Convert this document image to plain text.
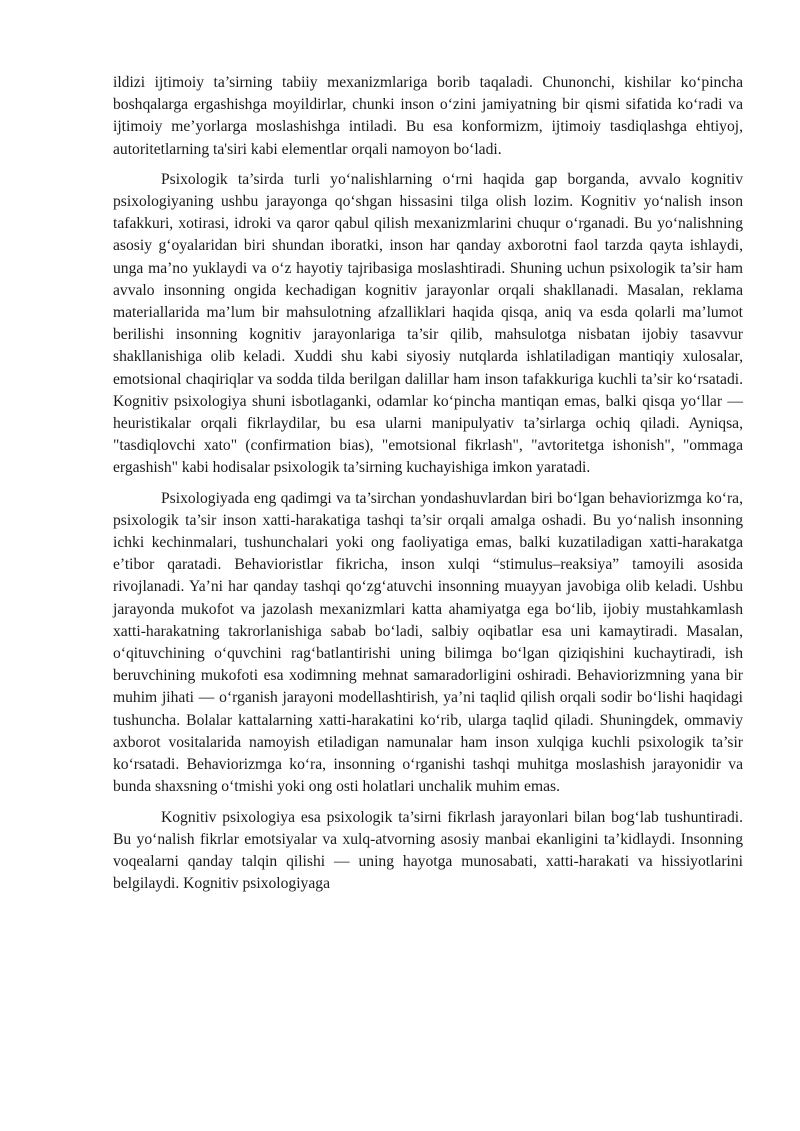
ildizi ijtimoiy ta’sirning tabiiy mexanizmlariga borib taqaladi. Chunonchi, kishilar ko‘pincha boshqalarga ergashishga moyildirlar, chunki inson o‘zini jamiyatning bir qismi sifatida ko‘radi va ijtimoiy me’yorlarga moslashishga intiladi. Bu esa konformizm, ijtimoiy tasdiqlashga ehtiyoj, autoritetlarning ta'siri kabi elementlar orqali namoyon bo‘ladi.

Psixologik ta’sirda turli yo‘nalishlarning o‘rni haqida gap borganda, avvalo kognitiv psixologiyaning ushbu jarayonga qo‘shgan hissasini tilga olish lozim. Kognitiv yo‘nalish inson tafakkuri, xotirasi, idroki va qaror qabul qilish mexanizmlarini chuqur o‘rganadi. Bu yo‘nalishning asosiy g‘oyalaridan biri shundan iboratki, inson har qanday axborotni faol tarzda qayta ishlaydi, unga ma’no yuklaydi va o‘z hayotiy tajribasiga moslashtiradi. Shuning uchun psixologik ta’sir ham avvalo insonning ongida kechadigan kognitiv jarayonlar orqali shakllanadi. Masalan, reklama materiallarida ma’lum bir mahsulotning afzalliklari haqida qisqa, aniq va esda qolarli ma’lumot berilishi insonning kognitiv jarayonlariga ta’sir qilib, mahsulotga nisbatan ijobiy tasavvur shakllanishiga olib keladi. Xuddi shu kabi siyosiy nutqlarda ishlatiladigan mantiqiy xulosalar, emotsional chaqiriqlar va sodda tilda berilgan dalillar ham inson tafakkuriga kuchli ta’sir ko‘rsatadi. Kognitiv psixologiya shuni isbotlaganki, odamlar ko‘pincha mantiqan emas, balki qisqa yo‘llar — heuristikalar orqali fikrlaydilar, bu esa ularni manipulyativ ta’sirlarga ochiq qiladi. Ayniqsa, "tasdiqlovchi xato" (confirmation bias), "emotsional fikrlash", "avtoritetga ishonish", "ommaga ergashish" kabi hodisalar psixologik ta’sirning kuchayishiga imkon yaratadi.

Psixologiyada eng qadimgi va ta’sirchan yondashuvlardan biri bo‘lgan behaviorizmga ko‘ra, psixologik ta’sir inson xatti-harakatiga tashqi ta’sir orqali amalga oshadi. Bu yo‘nalish insonning ichki kechinmalari, tushunchalari yoki ong faoliyatiga emas, balki kuzatiladigan xatti-harakatga e’tibor qaratadi. Behavioristlar fikricha, inson xulqi “stimulus–reaksiya” tamoyili asosida rivojlanadi. Ya’ni har qanday tashqi qo‘zg‘atuvchi insonning muayyan javobiga olib keladi. Ushbu jarayonda mukofot va jazolash mexanizmlari katta ahamiyatga ega bo‘lib, ijobiy mustahkamlash xatti-harakatning takrorlanishiga sabab bo‘ladi, salbiy oqibatlar esa uni kamaytiradi. Masalan, o‘qituvchining o‘quvchini rag‘batlantirishi uning bilimga bo‘lgan qiziqishini kuchaytiradi, ish beruvchining mukofoti esa xodimning mehnat samaradorligini oshiradi. Behaviorizmning yana bir muhim jihati — o‘rganish jarayoni modellashtirish, ya’ni taqlid qilish orqali sodir bo‘lishi haqidagi tushuncha. Bolalar kattalarning xatti-harakatini ko‘rib, ularga taqlid qiladi. Shuningdek, ommaviy axborot vositalarida namoyish etiladigan namunalar ham inson xulqiga kuchli psixologik ta’sir ko‘rsatadi. Behaviorizmga ko‘ra, insonning o‘rganishi tashqi muhitga moslashish jarayonidir va bunda shaxsning o‘tmishi yoki ong osti holatlari unchalik muhim emas.

Kognitiv psixologiya esa psixologik ta’sirni fikrlash jarayonlari bilan bog‘lab tushuntiradi. Bu yo‘nalish fikrlar emotsiyalar va xulq-atvorning asosiy manbai ekanligini ta’kidlaydi. Insonning voqealarni qanday talqin qilishi — uning hayotga munosabati, xatti-harakati va hissiyotlarini belgilaydi. Kognitiv psixologiyaga
